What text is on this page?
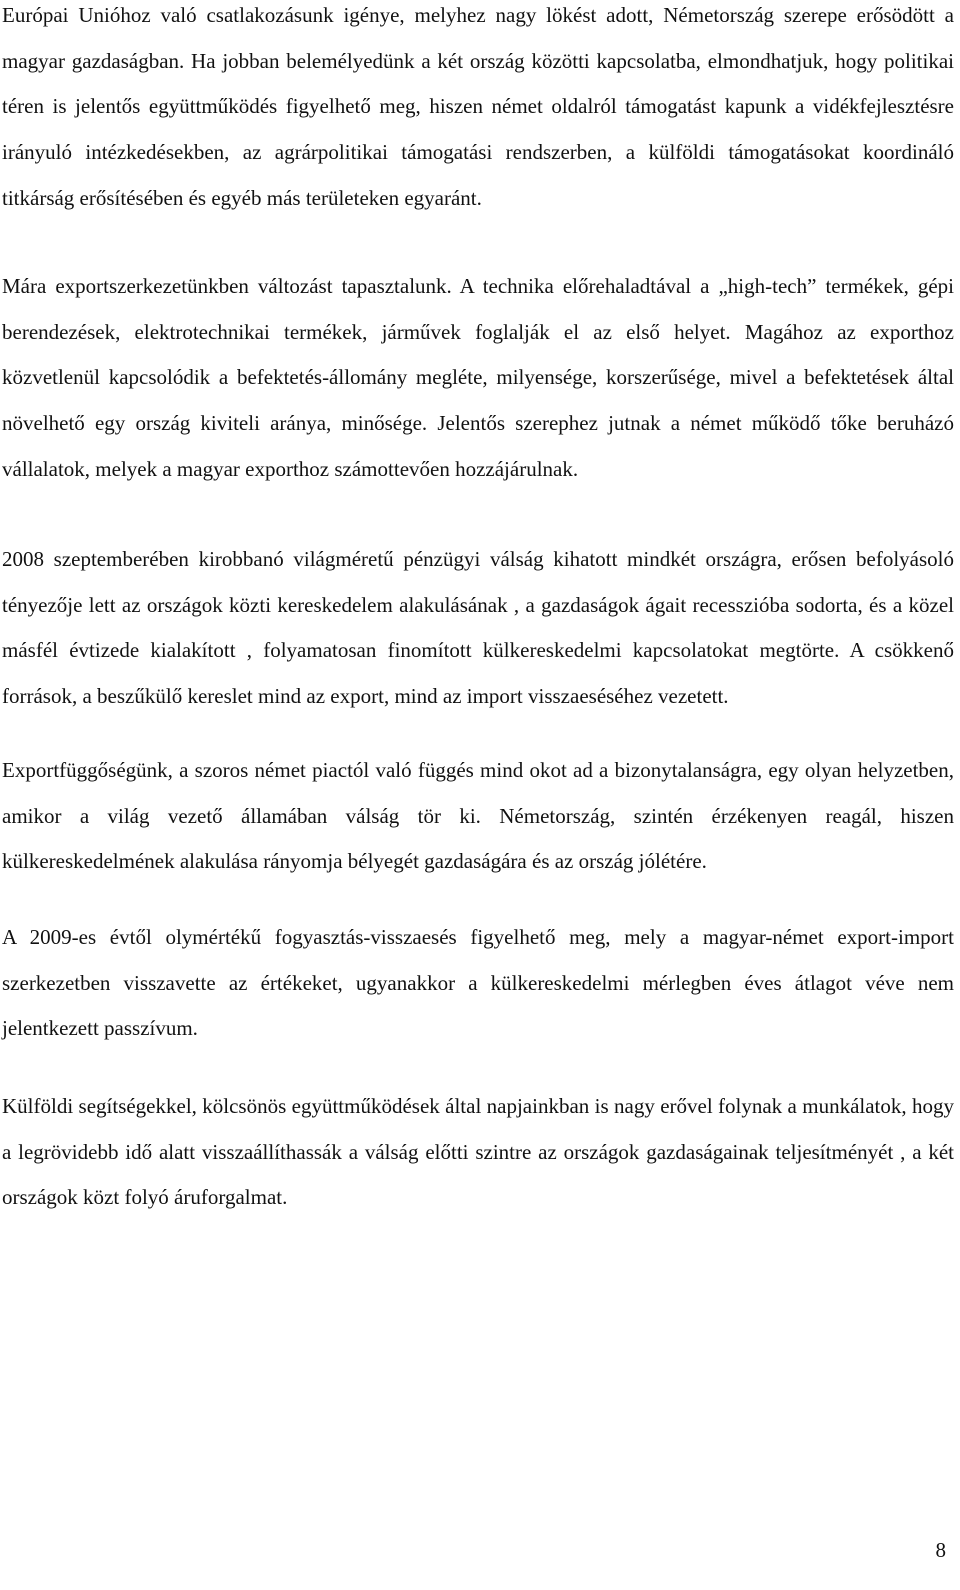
Európai Unióhoz való csatlakozásunk igénye, melyhez nagy lökést adott, Németország szerepe erősödött a magyar gazdaságban. Ha jobban belemélyedünk a két ország közötti kapcsolatba, elmondhatjuk, hogy politikai téren is jelentős együttműködés figyelhető meg, hiszen német oldalról támogatást kapunk a vidékfejlesztésre irányuló intézkedésekben, az agrárpolitikai támogatási rendszerben, a külföldi támogatásokat koordináló titkárság erősítésében és egyéb más területeken egyaránt.

Mára exportszerkezetünkben változást tapasztalunk. A technika előrehaladtával a „high-tech” termékek, gépi berendezések, elektrotechnikai termékek, járművek foglalják el az első helyet. Magához az exporthoz közvetlenül kapcsolódik a befektetés-állomány megléte, milyensége, korszerűsége, mivel a befektetések által növelhető egy ország kiviteli aránya, minősége. Jelentős szerephez jutnak a német működő tőke beruházó vállalatok, melyek a magyar exporthoz számottevően hozzájárulnak.

2008 szeptemberében kirobbanó világméretű pénzügyi válság kihatott mindkét országra, erősen befolyásoló tényezője lett az országok közti kereskedelem alakulásának , a gazdaságok ágait recesszióba sodorta, és a közel másfél évtizede kialakított , folyamatosan finomított külkereskedelmi kapcsolatokat megtörte. A csökkenő források, a beszűkülő kereslet mind az export, mind az import visszaeséséhez vezetett.

Exportfüggőségünk, a szoros német piactól való függés mind okot ad a bizonytalanságra, egy olyan helyzetben, amikor a világ vezető államában válság tör ki. Németország, szintén érzékenyen reagál, hiszen külkereskedelmének alakulása rányomja bélyegét gazdaságára és az ország jólétére.

A 2009-es évtől olymértékű fogyasztás-visszaesés figyelhető meg, mely a magyar-német export-import szerkezetben visszavette az értékeket, ugyanakkor a külkereskedelmi mérlegben éves átlagot véve nem jelentkezett passzívum.

Külföldi segítségekkel, kölcsönös együttműködések által napjainkban is nagy erővel folynak a munkálatok, hogy a legrövidebb idő alatt visszaállíthassák a válság előtti szintre az országok gazdaságainak teljesítményét , a két országok közt folyó áruforgalmat.

8
